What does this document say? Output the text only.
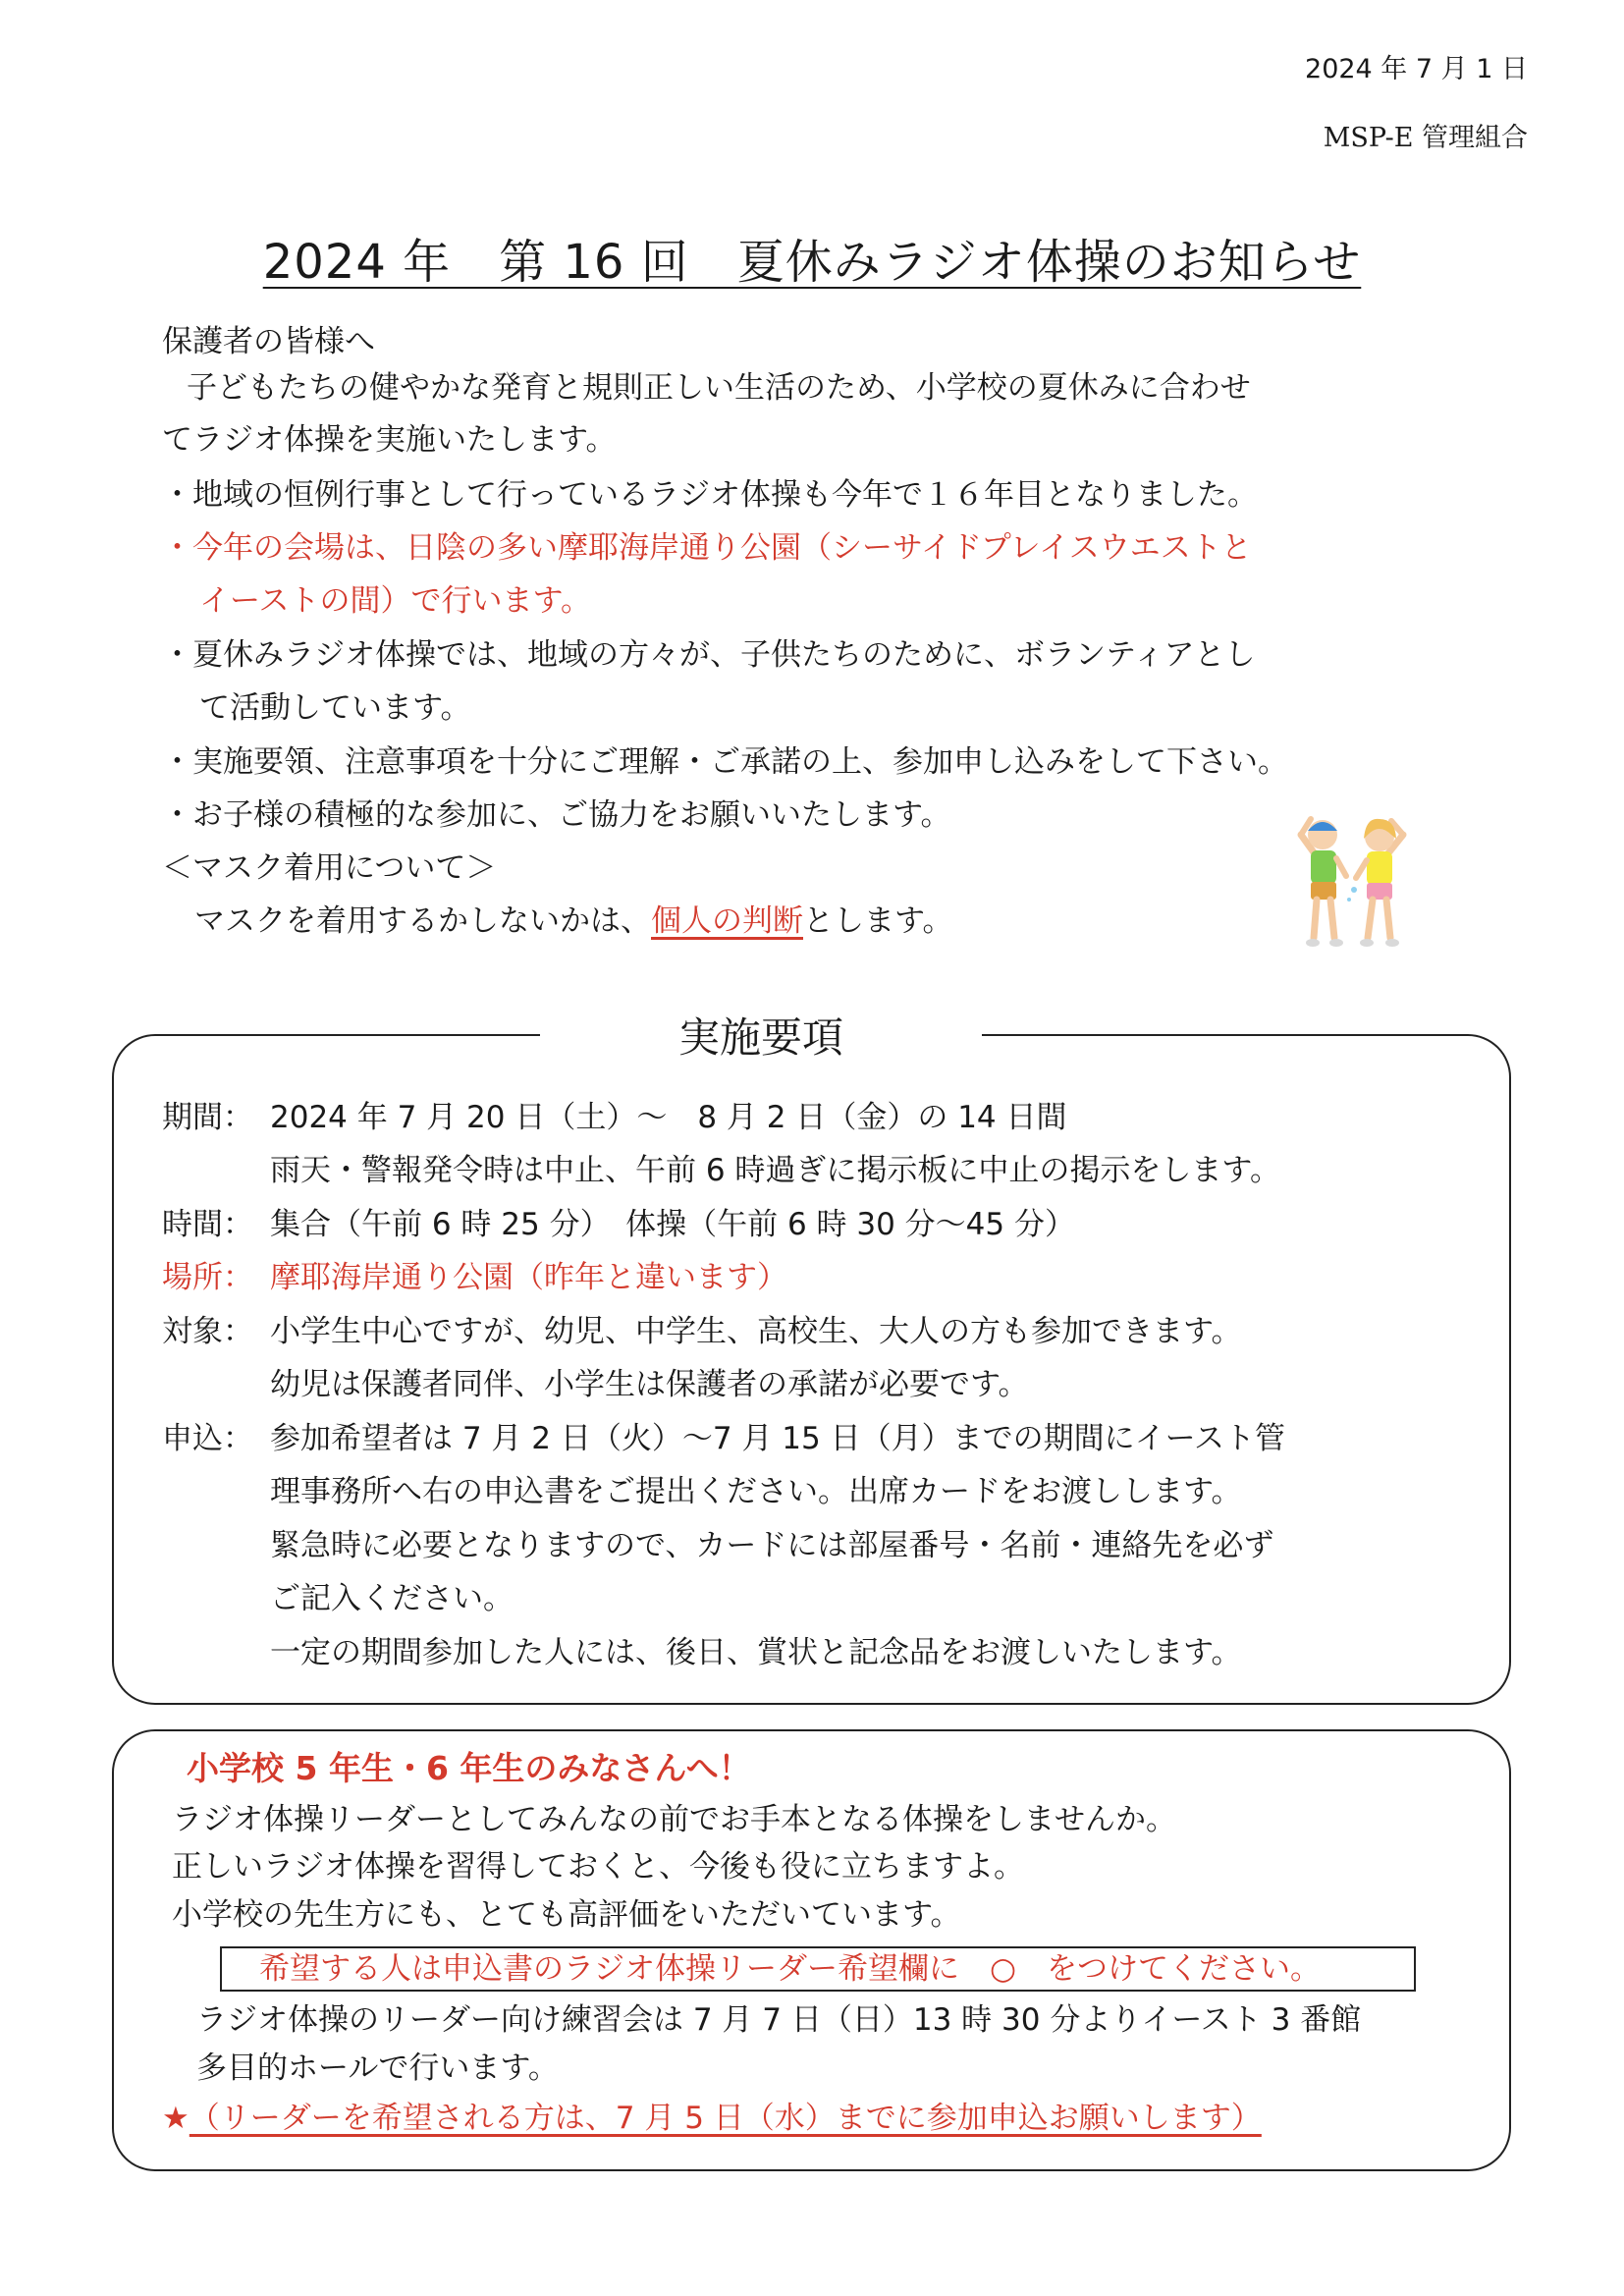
2024 年 7 月 1 日
MSP-E 管理組合
2024 年　第 16 回　夏休みラジオ体操のお知らせ
保護者の皆様へ
子どもたちの健やかな発育と規則正しい生活のため、小学校の夏休みに合わせ
てラジオ体操を実施いたします。
・地域の恒例行事として行っているラジオ体操も今年で１６年目となりました。
・今年の会場は、日陰の多い摩耶海岸通り公園（シーサイドプレイスウエストと
イーストの間）で行います。
・夏休みラジオ体操では、地域の方々が、子供たちのために、ボランティアとし
て活動しています。
・実施要領、注意事項を十分にご理解・ご承諾の上、参加申し込みをして下さい。
・お子様の積極的な参加に、ご協力をお願いいたします。
＜マスク着用について＞
マスクを着用するかしないかは、個人の判断とします。
実施要項
期間： 2024 年 7 月 20 日（土）～　8 月 2 日（金）の 14 日間
雨天・警報発令時は中止、午前 6 時過ぎに掲示板に中止の掲示をします。
時間： 集合（午前 6 時 25 分）　体操（午前 6 時 30 分～45 分）
場所： 摩耶海岸通り公園（昨年と違います）
対象： 小学生中心ですが、幼児、中学生、高校生、大人の方も参加できます。
幼児は保護者同伴、小学生は保護者の承諾が必要です。
申込： 参加希望者は 7 月 2 日（火）～7 月 15 日（月）までの期間にイースト管
理事務所へ右の申込書をご提出ください。出席カードをお渡しします。
緊急時に必要となりますので、カードには部屋番号・名前・連絡先を必ず
ご記入ください。
一定の期間参加した人には、後日、賞状と記念品をお渡しいたします。
小学校 5 年生・6 年生のみなさんへ！
ラジオ体操リーダーとしてみんなの前でお手本となる体操をしませんか。
正しいラジオ体操を習得しておくと、今後も役に立ちますよ。
小学校の先生方にも、とても高評価をいただいています。
希望する人は申込書のラジオ体操リーダー希望欄に　○　をつけてください。
ラジオ体操のリーダー向け練習会は 7 月 7 日（日）13 時 30 分よりイースト 3 番館
多目的ホールで行います。
★（リーダーを希望される方は、7 月 5 日（水）までに参加申込お願いします）
